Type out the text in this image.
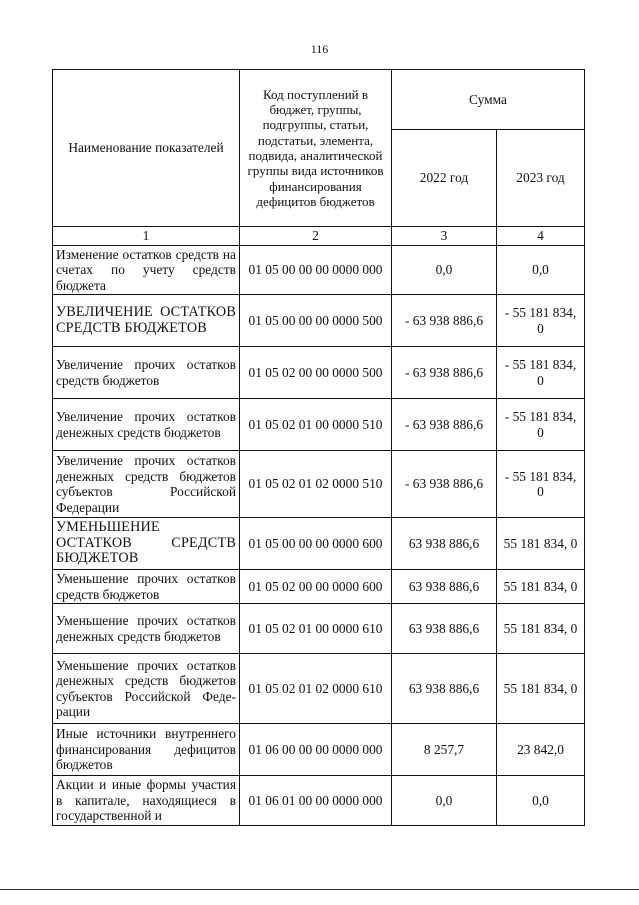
116
Наименование показателей	Код поступлений в бюджет, группы, подгруппы, статьи, подстатьи, элемента, подвида, аналитической группы вида источников финансирования дефицитов бюджетов	Сумма	
		2022 год	2023 год
1	2	3	4
Изменение остатков средств на счетах по учету средств бюджета	01 05 00 00 00 0000 000	0,0	0,0
УВЕЛИЧЕНИЕ ОСТАТКОВ СРЕДСТВ БЮДЖЕТОВ	01 05 00 00 00 0000 500	- 63 938 886,6	- 55 181 834, 0
Увеличение прочих остатков средств бюджетов	01 05 02 00 00 0000 500	- 63 938 886,6	- 55 181 834, 0
Увеличение прочих остатков денежных средств бюджетов	01 05 02 01 00 0000 510	- 63 938 886,6	- 55 181 834, 0
Увеличение прочих остатков денежных средств бюджетов субъектов Российской Федерации	01 05 02 01 02 0000 510	- 63 938 886,6	- 55 181 834, 0
УМЕНЬШЕНИЕ ОСТАТКОВ СРЕДСТВ БЮДЖЕТОВ	01 05 00 00 00 0000 600	63 938 886,6	55 181 834, 0
Уменьшение прочих остатков средств бюджетов	01 05 02 00 00 0000 600	63 938 886,6	55 181 834, 0
Уменьшение прочих остатков денежных средств бюджетов	01 05 02 01 00 0000 610	63 938 886,6	55 181 834, 0
Уменьшение прочих остатков денежных средств бюджетов субъектов Российской Феде-рации	01 05 02 01 02 0000 610	63 938 886,6	55 181 834, 0
Иные источники внутреннего финансирования дефицитов бюджетов	01 06 00 00 00 0000 000	8 257,7	23 842,0
Акции и иные формы участия в капитале, находящиеся в государственной и	01 06 01 00 00 0000 000	0,0	0,0
